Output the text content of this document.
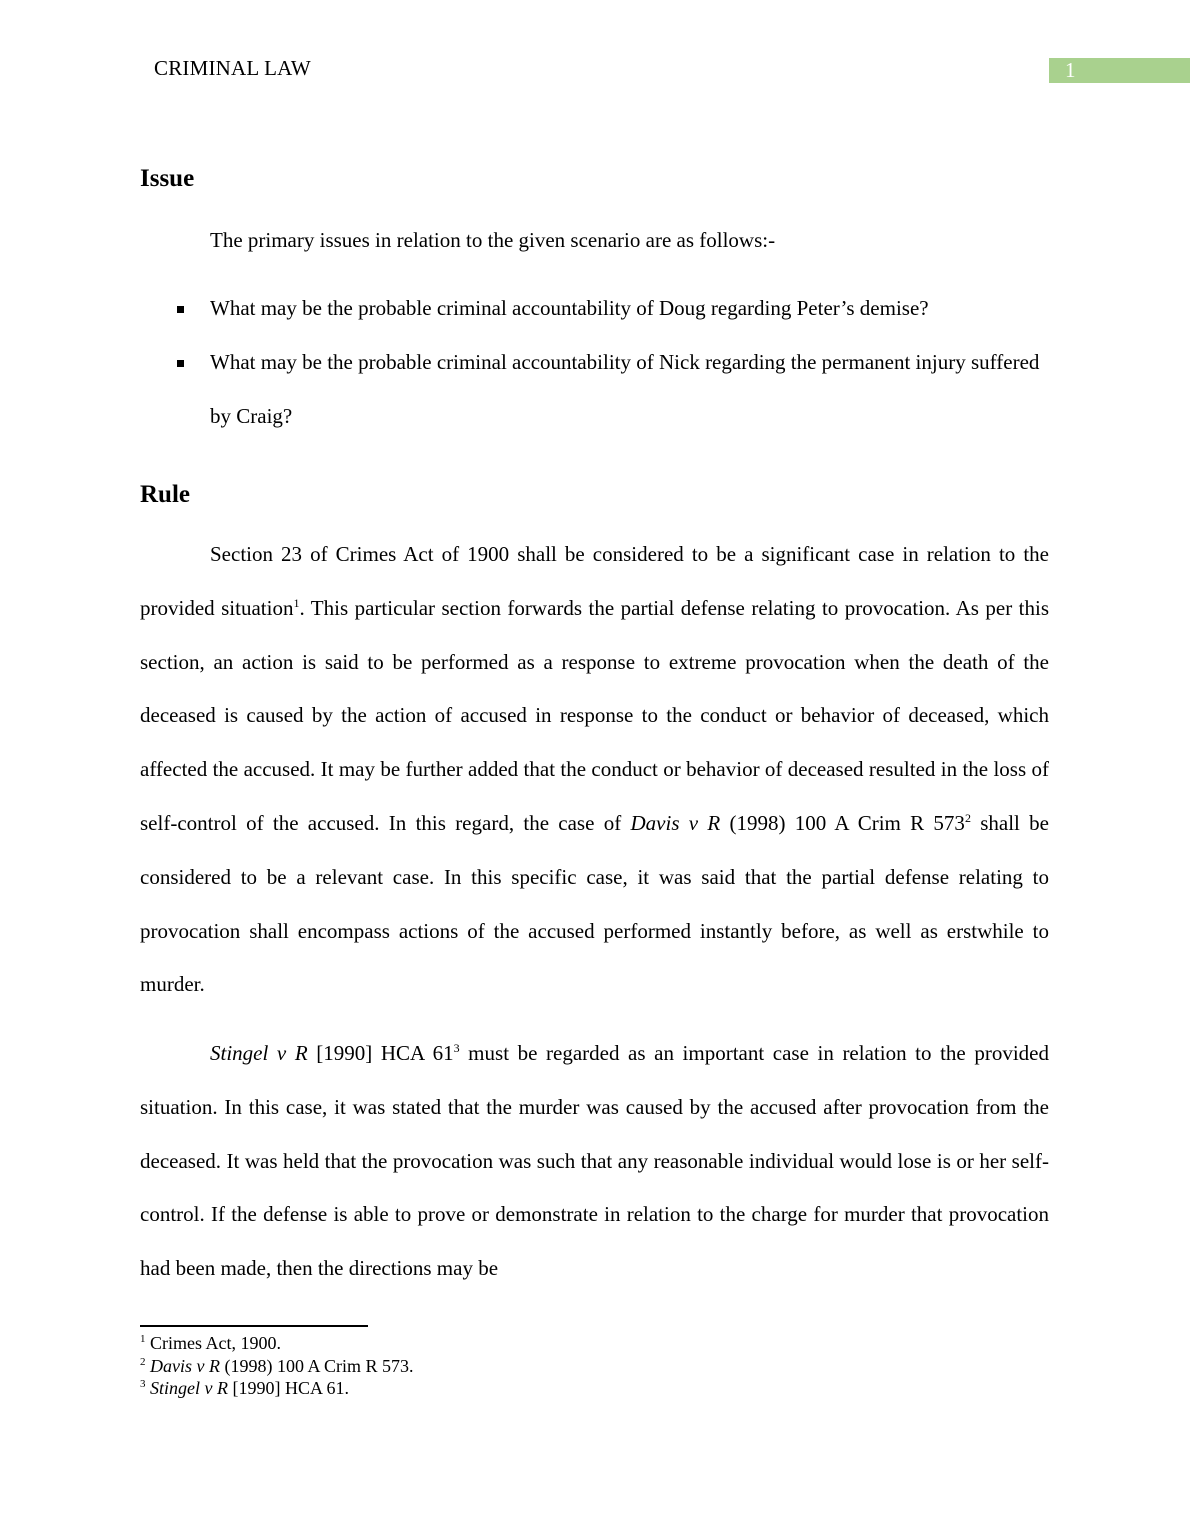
CRIMINAL LAW	1
Issue
The primary issues in relation to the given scenario are as follows:-
What may be the probable criminal accountability of Doug regarding Peter’s demise?
What may be the probable criminal accountability of Nick regarding the permanent injury suffered by Craig?
Rule

Section 23 of Crimes Act of 1900 shall be considered to be a significant case in relation to the provided situation$^1$. This particular section forwards the partial defense relating to provocation. As per this section, an action is said to be performed as a response to extreme provocation when the death of the deceased is caused by the action of accused in response to the conduct or behavior of deceased, which affected the accused. It may be further added that the conduct or behavior of deceased resulted in the loss of self-control of the accused. In this regard, the case of Davis v R (1998) 100 A Crim R $573^2$ shall be considered to be a relevant case. In this specific case, it was said that the partial defense relating to provocation shall encompass actions of the accused performed instantly before, as well as erstwhile to murder.

Stingel v R [1990] HCA $61^3$ must be regarded as an important case in relation to the provided situation. In this case, it was stated that the murder was caused by the accused after provocation from the deceased. It was held that the provocation was such that any reasonable individual would lose is or her self-control. If the defense is able to prove or demonstrate in relation to the charge for murder that provocation had been made, then the directions may be

$^1$ Crimes Act, 1900.
$^2$ Davis v R (1998) 100 A Crim R 573.
$^3$ Stingel v R [1990] HCA 61.
